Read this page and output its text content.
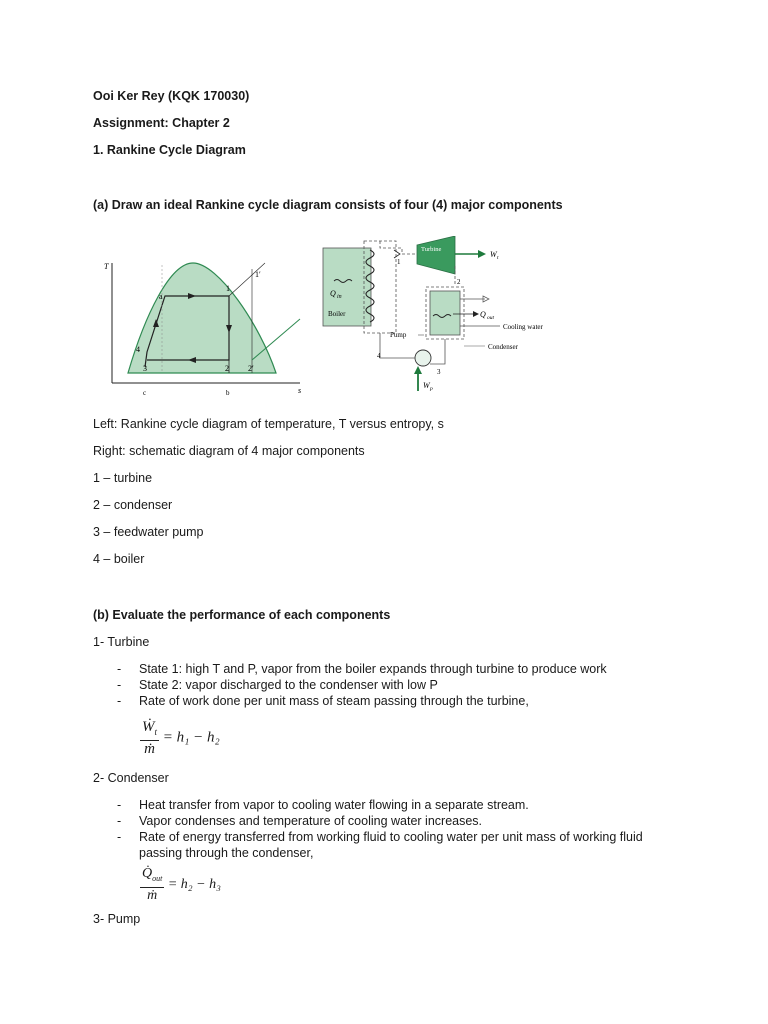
Ooi Ker Rey (KQK 170030)
Assignment: Chapter 2
1. Rankine Cycle Diagram
(a) Draw an ideal Rankine cycle diagram consists of four (4) major components
T
s
1
1′
2 2′
3
4
a
c	b
Q in
Boiler
1
Turbine
W t
2
Q out
Cooling water
Condenser
3
Pump
4
W p
Left: Rankine cycle diagram of temperature, T versus entropy, s
Right: schematic diagram of 4 major components
1 – turbine
2 – condenser
3 – feedwater pump
4 – boiler
(b) Evaluate the performance of each components
1- Turbine
- State 1: high T and P, vapor from the boiler expands through turbine to produce work
- State 2: vapor discharged to the condenser with low P
- Rate of work done per unit mass of steam passing through the turbine,
$\frac{Ẇ_t}{\text{ṁ}} = h_1 - h_2$
2- Condenser
- Heat transfer from vapor to cooling water flowing in a separate stream.
- Vapor condenses and temperature of cooling water increases.
- Rate of energy transferred from working fluid to cooling water per unit mass of working fluid passing through the condenser,
$\frac{Q̇_{out}}{\text{ṁ}} = h_2 - h_3$
3- Pump
